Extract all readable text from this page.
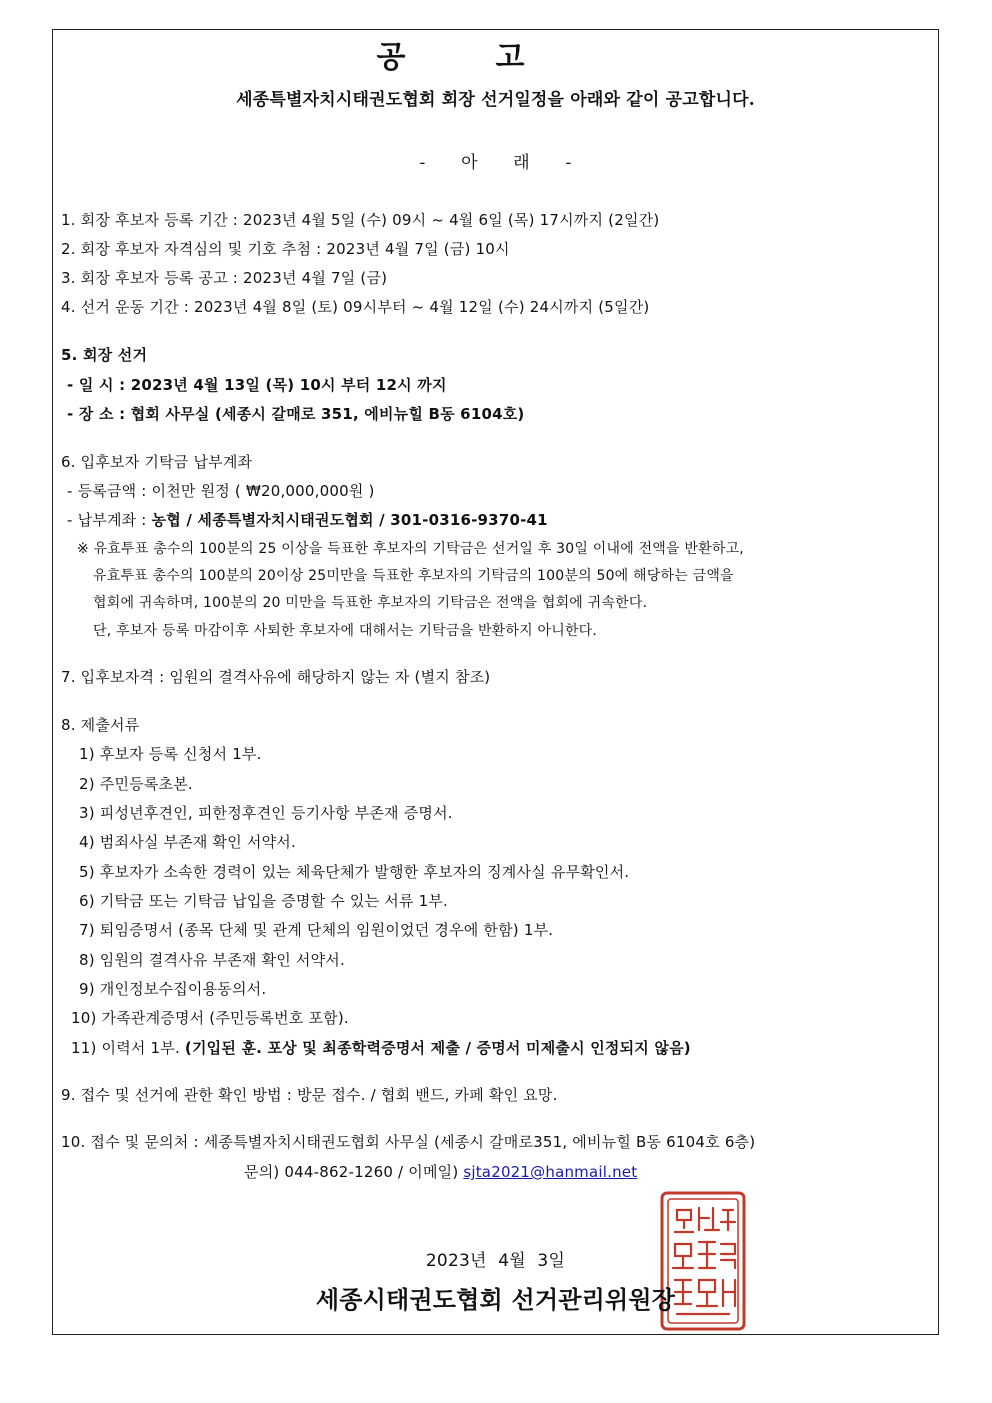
공고
세종특별자치시태권도협회 회장 선거일정을 아래와 같이 공고합니다.
- 아 래 -
1. 회장 후보자 등록 기간 : 2023년 4월 5일 (수) 09시 ~ 4월 6일 (목) 17시까지 (2일간)
2. 회장 후보자 자격심의 및 기호 추첨 : 2023년 4월 7일 (금) 10시
3. 회장 후보자 등록 공고 : 2023년 4월 7일 (금)
4. 선거 운동 기간 : 2023년 4월 8일 (토) 09시부터 ~ 4월 12일 (수) 24시까지 (5일간)
5. 회장 선거
- 일 시 : 2023년 4월 13일 (목) 10시 부터 12시 까지
- 장 소 : 협회 사무실 (세종시 갈매로 351, 에비뉴힐 B동 6104호)
6. 입후보자 기탁금 납부계좌
- 등록금액 : 이천만 원정 ( ₩20,000,000원 )
- 납부계좌 : 농협 / 세종특별자치시태권도협회 / 301-0316-9370-41
※ 유효투표 총수의 100분의 25 이상을 득표한 후보자의 기탁금은 선거일 후 30일 이내에 전액을 반환하고,
유효투표 총수의 100분의 20이상 25미만을 득표한 후보자의 기탁금의 100분의 50에 해당하는 금액을
협회에 귀속하며, 100분의 20 미만을 득표한 후보자의 기탁금은 전액을 협회에 귀속한다.
단, 후보자 등록 마감이후 사퇴한 후보자에 대해서는 기탁금을 반환하지 아니한다.
7. 입후보자격 : 임원의 결격사유에 해당하지 않는 자 (별지 참조)
8. 제출서류
1) 후보자 등록 신청서 1부.
2) 주민등록초본.
3) 피성년후견인, 피한정후견인 등기사항 부존재 증명서.
4) 범죄사실 부존재 확인 서약서.
5) 후보자가 소속한 경력이 있는 체육단체가 발행한 후보자의 징계사실 유무확인서.
6) 기탁금 또는 기탁금 납입을 증명할 수 있는 서류 1부.
7) 퇴임증명서 (종목 단체 및 관계 단체의 임원이었던 경우에 한함) 1부.
8) 임원의 결격사유 부존재 확인 서약서.
9) 개인정보수집이용동의서.
10) 가족관계증명서 (주민등록번호 포함).
11) 이력서 1부. (기입된 훈. 포상 및 최종학력증명서 제출 / 증명서 미제출시 인정되지 않음)
9. 접수 및 선거에 관한 확인 방법 : 방문 접수. / 협회 밴드, 카페 확인 요망.
10. 접수 및 문의처 : 세종특별자치시태권도협회 사무실 (세종시 갈매로351, 에비뉴힐 B동 6104호 6층)
문의) 044-862-1260 / 이메일) sjta2021@hanmail.net
2023년 4월 3일
세종시태권도협회 선거관리위원장
